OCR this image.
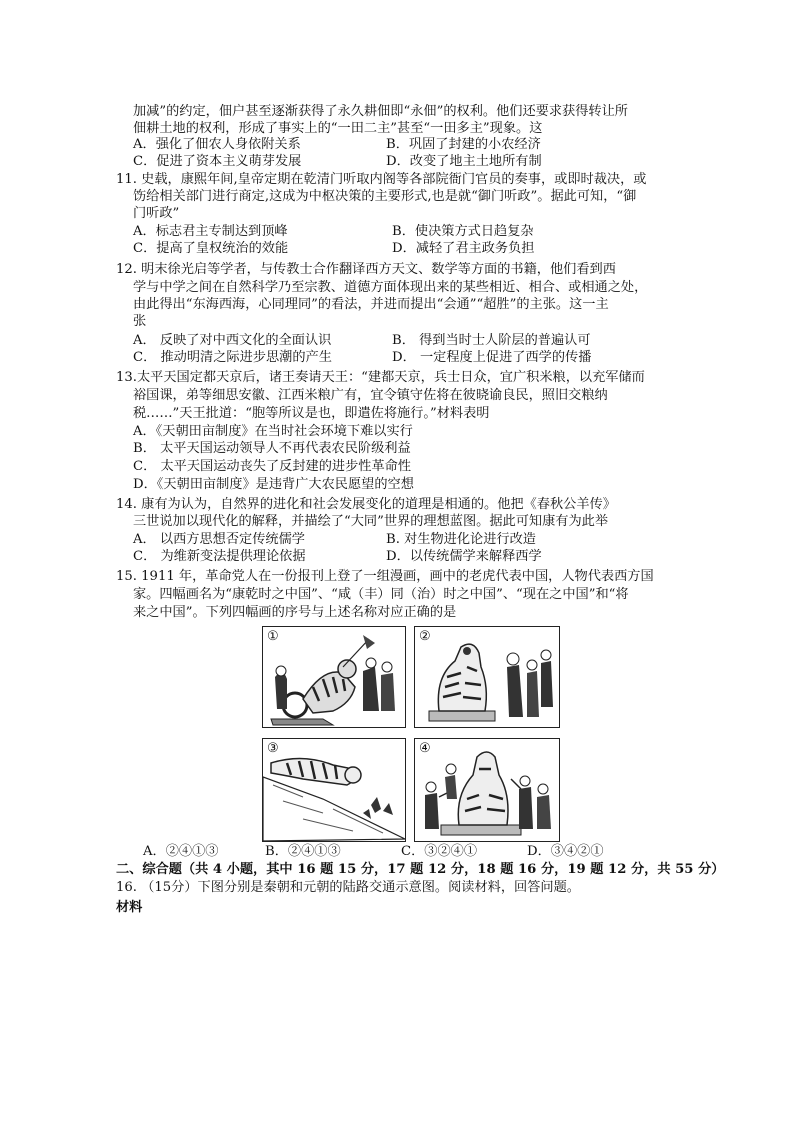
加减”的约定，佃户甚至逐渐获得了永久耕佃即“永佃”的权利。他们还要求获得转让所
佃耕土地的权利，形成了事实上的“一田二主”甚至“一田多主”现象。这
A．强化了佃农人身依附关系	B．巩固了封建的小农经济
C．促进了资本主义萌芽发展	D．改变了地主土地所有制
11. 史载，康熙年间,皇帝定期在乾清门听取内阁等各部院衙门官员的奏事，或即时裁决，或
饬给相关部门进行商定,这成为中枢决策的主要形式,也是就“御门听政”。据此可知，“御
门听政”
A．标志君主专制达到顶峰	B．使决策方式日趋复杂
C．提高了皇权统治的效能	D．减轻了君主政务负担
12. 明末徐光启等学者，与传教士合作翻译西方天文、数学等方面的书籍，他们看到西
学与中学之间在自然科学乃至宗教、道德方面体现出来的某些相近、相合、或相通之处，
由此得出“东海西海，心同理同”的看法，并进而提出“会通”“超胜”的主张。这一主
张
A． 反映了对中西文化的全面认识	B． 得到当时士人阶层的普遍认可
C． 推动明清之际进步思潮的产生	D． 一定程度上促进了西学的传播
13.太平天国定都天京后，诸王奏请天王：“建都天京，兵士日众，宜广积米粮，以充军储而
裕国课，弟等细思安徽、江西米粮广有，宜令镇守佐将在彼晓谕良民，照旧交粮纳
税……”天王批道：“胞等所议是也，即遣佐将施行。”材料表明
A．《天朝田亩制度》在当时社会环境下难以实行
B． 太平天国运动领导人不再代表农民阶级利益
C． 太平天国运动丧失了反封建的进步性革命性
D．《天朝田亩制度》是违背广大农民愿望的空想
14. 康有为认为，自然界的进化和社会发展变化的道理是相通的。他把《春秋公羊传》
三世说加以现代化的解释，并描绘了“大同”世界的理想蓝图。据此可知康有为此举
A． 以西方思想否定传统儒学	B. 对生物进化论进行改造
C． 为维新变法提供理论依据	D．以传统儒学来解释西学
15. 1911 年，革命党人在一份报刊上登了一组漫画，画中的老虎代表中国，人物代表西方国
家。四幅画名为“康乾时之中国”、“咸（丰）同（治）时之中国”、“现在之中国”和“将
来之中国”。下列四幅画的序号与上述名称对应正确的是
①	②
③	④
A．②④①③	B．②④①③	C．③②④①	D．③④②①
二、综合题（共 4 小题，其中 16 题 15 分，17 题 12 分，18 题 16 分，19 题 12 分，共 55 分）
16. （15分）下图分别是秦朝和元朝的陆路交通示意图。阅读材料，回答问题。
材料
